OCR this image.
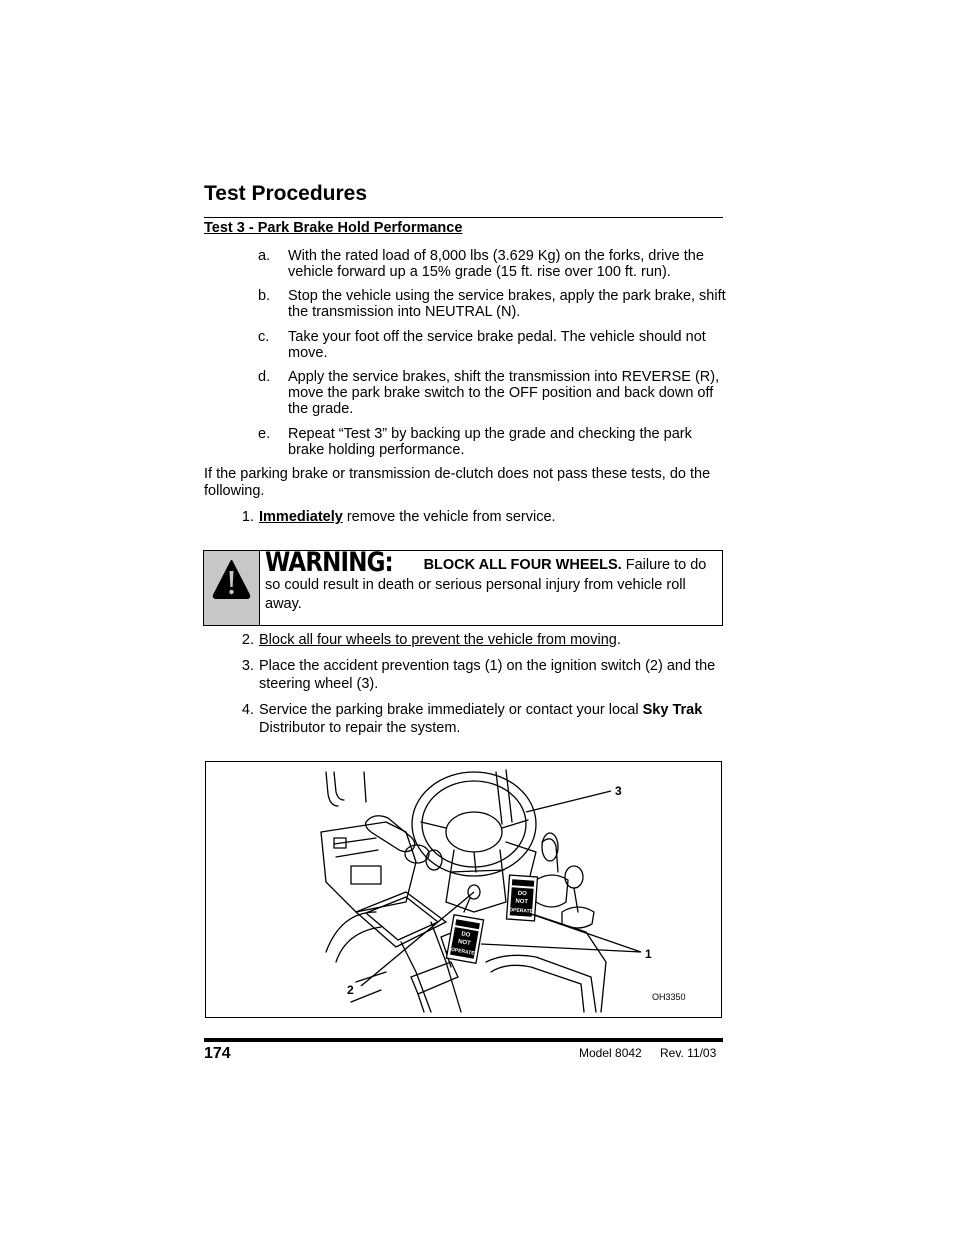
Test Procedures
Test 3 - Park Brake Hold Performance
a. With the rated load of 8,000 lbs (3.629 Kg) on the forks, drive the vehicle forward up a 15% grade (15 ft. rise over 100 ft. run).
b. Stop the vehicle using the service brakes, apply the park brake, shift the transmission into NEUTRAL (N).
c. Take your foot off the service brake pedal. The vehicle should not move.
d. Apply the service brakes, shift the transmission into REVERSE (R), move the park brake switch to the OFF position and back down off the grade.
e. Repeat “Test 3” by backing up the grade and checking the park brake holding performance.
If the parking brake or transmission de-clutch does not pass these tests, do the following.
1. Immediately remove the vehicle from service.
WARNING: BLOCK ALL FOUR WHEELS. Failure to do so could result in death or serious personal injury from vehicle roll away.
2. Block all four wheels to prevent the vehicle from moving.
3. Place the accident prevention tags (1) on the ignition switch (2) and the steering wheel (3).
4. Service the parking brake immediately or contact your local Sky Trak Distributor to repair the system.
DO
NOT
OPERATE
DO
NOT
OPERATE
3
1
2	OH3350
174	Model 8042 Rev. 11/03
